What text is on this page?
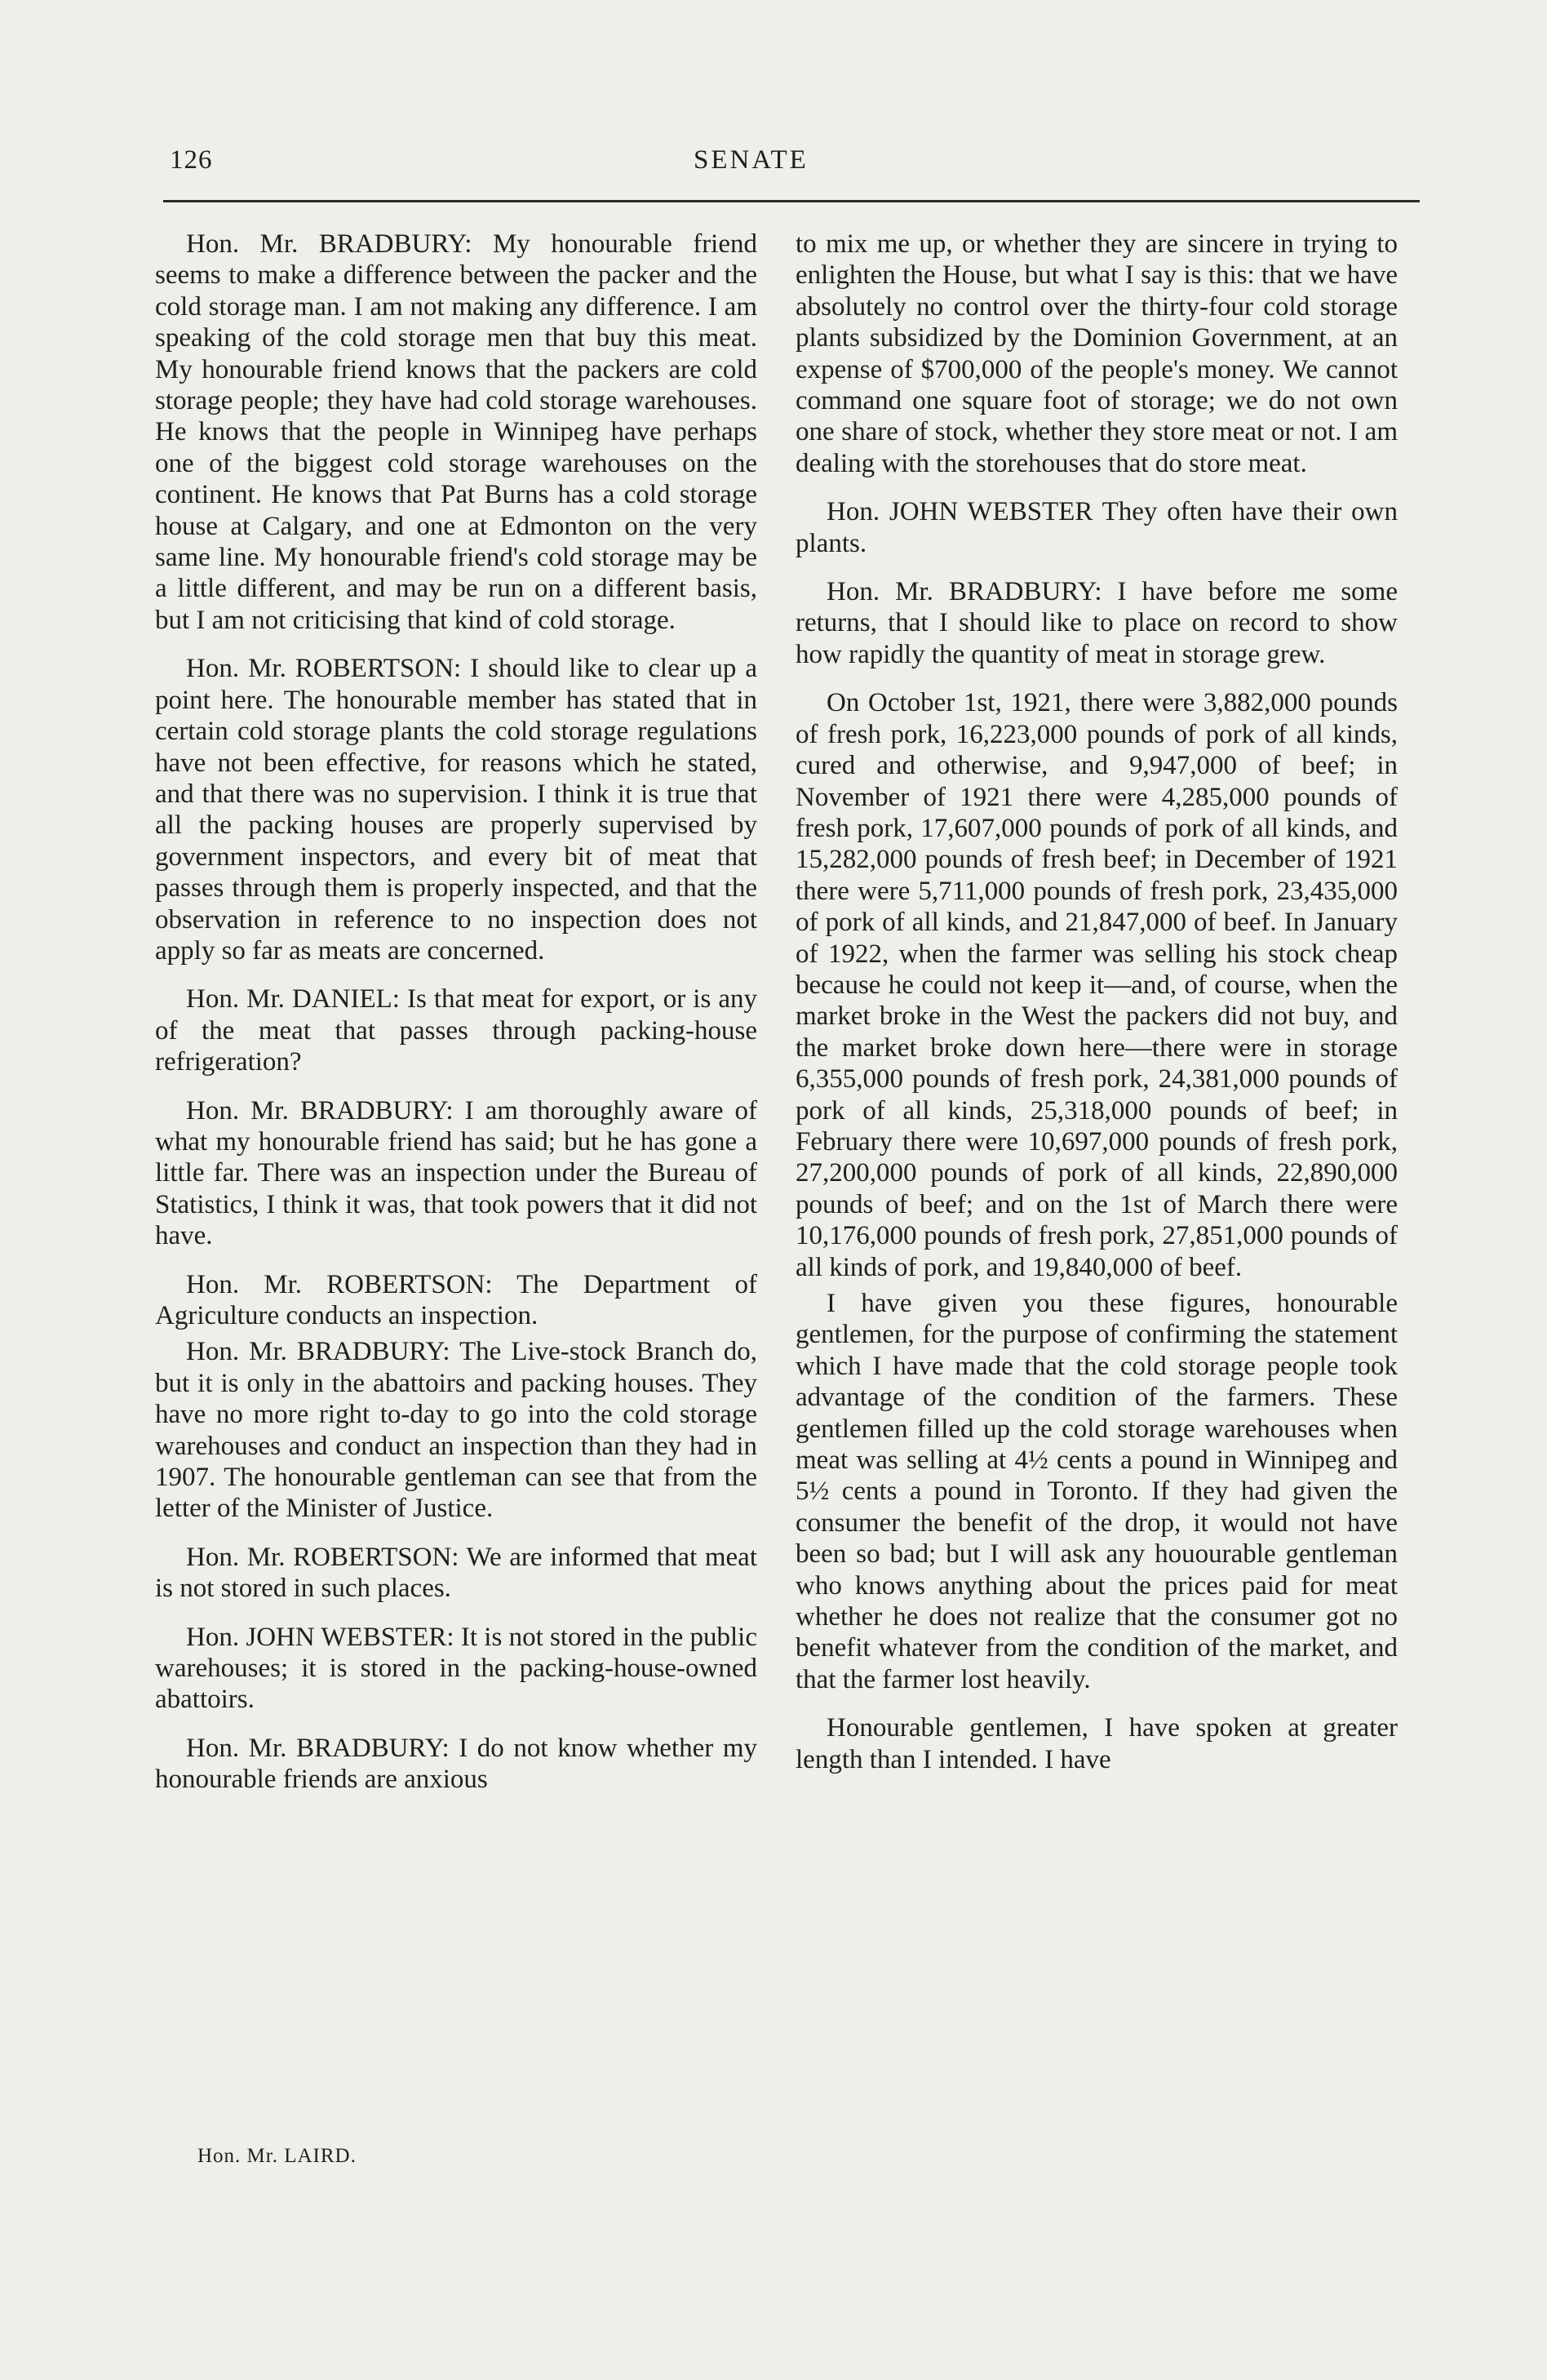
126	SENATE

Hon. Mr. BRADBURY: My honourable friend seems to make a difference between the packer and the cold storage man. I am not making any difference. I am speaking of the cold storage men that buy this meat. My honourable friend knows that the packers are cold storage people; they have had cold storage warehouses. He knows that the people in Winnipeg have perhaps one of the biggest cold storage warehouses on the continent. He knows that Pat Burns has a cold storage house at Calgary, and one at Edmonton on the very same line. My honourable friend's cold storage may be a little different, and may be run on a different basis, but I am not criticising that kind of cold storage.

Hon. Mr. ROBERTSON: I should like to clear up a point here. The honourable member has stated that in certain cold storage plants the cold storage regulations have not been effective, for reasons which he stated, and that there was no supervision. I think it is true that all the packing houses are properly supervised by government inspectors, and every bit of meat that passes through them is properly inspected, and that the observation in reference to no inspection does not apply so far as meats are concerned.

Hon. Mr. DANIEL: Is that meat for export, or is any of the meat that passes through packing-house refrigeration?

Hon. Mr. BRADBURY: I am thoroughly aware of what my honourable friend has said; but he has gone a little far. There was an inspection under the Bureau of Statistics, I think it was, that took powers that it did not have.

Hon. Mr. ROBERTSON: The Department of Agriculture conducts an inspection.

Hon. Mr. BRADBURY: The Live-stock Branch do, but it is only in the abattoirs and packing houses. They have no more right to-day to go into the cold storage warehouses and conduct an inspection than they had in 1907. The honourable gentleman can see that from the letter of the Minister of Justice.

Hon. Mr. ROBERTSON: We are informed that meat is not stored in such places.

Hon. JOHN WEBSTER: It is not stored in the public warehouses; it is stored in the packing-house-owned abattoirs.

Hon. Mr. BRADBURY: I do not know whether my honourable friends are anxious

to mix me up, or whether they are sincere in trying to enlighten the House, but what I say is this: that we have absolutely no control over the thirty-four cold storage plants subsidized by the Dominion Government, at an expense of $700,000 of the people's money. We cannot command one square foot of storage; we do not own one share of stock, whether they store meat or not. I am dealing with the storehouses that do store meat.

Hon. JOHN WEBSTER They often have their own plants.

Hon. Mr. BRADBURY: I have before me some returns, that I should like to place on record to show how rapidly the quantity of meat in storage grew.

On October 1st, 1921, there were 3,882,000 pounds of fresh pork, 16,223,000 pounds of pork of all kinds, cured and otherwise, and 9,947,000 of beef; in November of 1921 there were 4,285,000 pounds of fresh pork, 17,607,000 pounds of pork of all kinds, and 15,282,000 pounds of fresh beef; in December of 1921 there were 5,711,000 pounds of fresh pork, 23,435,000 of pork of all kinds, and 21,847,000 of beef. In January of 1922, when the farmer was selling his stock cheap because he could not keep it—and, of course, when the market broke in the West the packers did not buy, and the market broke down here—there were in storage 6,355,000 pounds of fresh pork, 24,381,000 pounds of pork of all kinds, 25,318,000 pounds of beef; in February there were 10,697,000 pounds of fresh pork, 27,200,000 pounds of pork of all kinds, 22,890,000 pounds of beef; and on the 1st of March there were 10,176,000 pounds of fresh pork, 27,851,000 pounds of all kinds of pork, and 19,840,000 of beef.

I have given you these figures, honourable gentlemen, for the purpose of confirming the statement which I have made that the cold storage people took advantage of the condition of the farmers. These gentlemen filled up the cold storage warehouses when meat was selling at 4½ cents a pound in Winnipeg and 5½ cents a pound in Toronto. If they had given the consumer the benefit of the drop, it would not have been so bad; but I will ask any houourable gentleman who knows anything about the prices paid for meat whether he does not realize that the consumer got no benefit whatever from the condition of the market, and that the farmer lost heavily.

Honourable gentlemen, I have spoken at greater length than I intended. I have

Hon. Mr. LAIRD.
